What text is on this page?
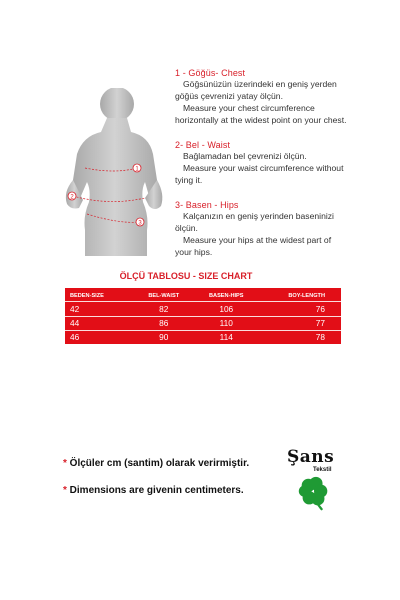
1
2
3
1 - Göğüs- Chest
Göğsünüzün üzerindeki en geniş yerden
göğüs çevrenizi yatay ölçün.
Measure your chest circumference
horizontally at the widest point on your chest.
2- Bel - Waist
Bağlamadan bel çevrenizi ölçün.
Measure your waist circumference without
tying it.
3- Basen - Hips
Kalçanızın en geniş yerinden baseninizi
ölçün.
Measure your hips at the widest part of
your hips.
ÖLÇÜ TABLOSU - SIZE CHART
BEDEN-SIZE	BEL-WAIST	BASEN-HIPS	BOY-LENGTH
42	82	106	76
44	86	110	77
46	90	114	78
* Ölçüler cm (santim) olarak verirmiştir.
* Dimensions are givenin centimeters.
Şans
Tekstil
